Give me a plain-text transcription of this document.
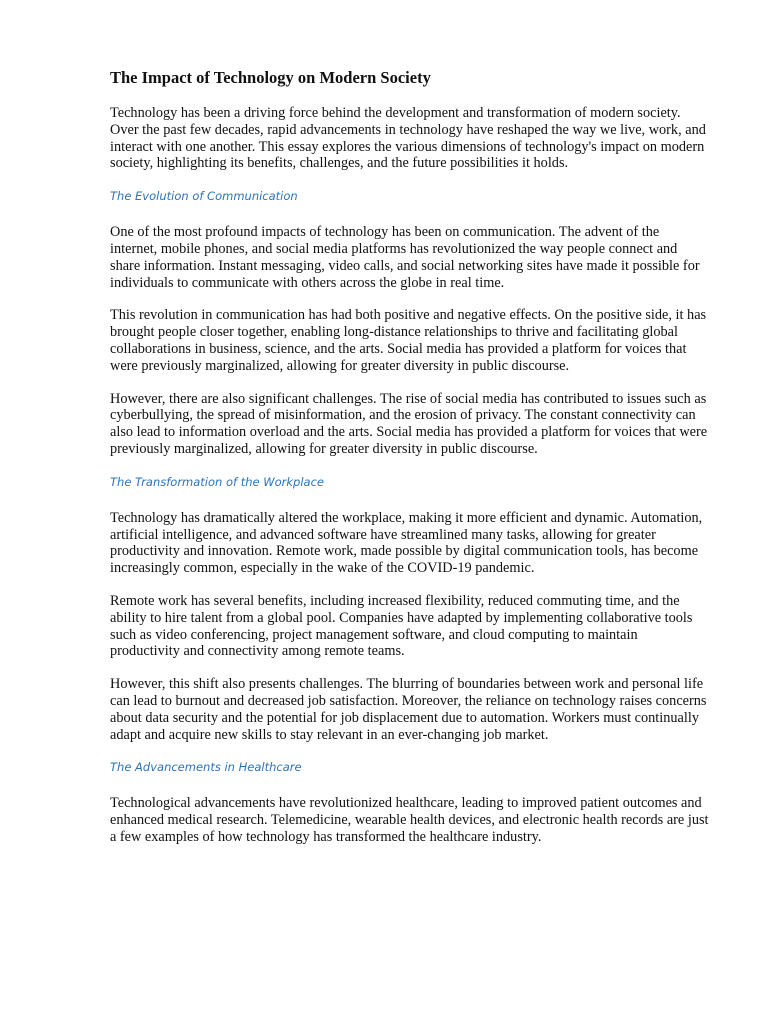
The Impact of Technology on Modern Society

Technology has been a driving force behind the development and transformation of modern society. Over the past few decades, rapid advancements in technology have reshaped the way we live, work, and interact with one another. This essay explores the various dimensions of technology's impact on modern society, highlighting its benefits, challenges, and the future possibilities it holds.

The Evolution of Communication

One of the most profound impacts of technology has been on communication. The advent of the internet, mobile phones, and social media platforms has revolutionized the way people connect and share information. Instant messaging, video calls, and social networking sites have made it possible for individuals to communicate with others across the globe in real time.

This revolution in communication has had both positive and negative effects. On the positive side, it has brought people closer together, enabling long-distance relationships to thrive and facilitating global collaborations in business, science, and the arts. Social media has provided a platform for voices that were previously marginalized, allowing for greater diversity in public discourse.

However, there are also significant challenges. The rise of social media has contributed to issues such as cyberbullying, the spread of misinformation, and the erosion of privacy. The constant connectivity can also lead to information overload and the arts. Social media has provided a platform for voices that were previously marginalized, allowing for greater diversity in public discourse.

The Transformation of the Workplace

Technology has dramatically altered the workplace, making it more efficient and dynamic. Automation, artificial intelligence, and advanced software have streamlined many tasks, allowing for greater productivity and innovation. Remote work, made possible by digital communication tools, has become increasingly common, especially in the wake of the COVID-19 pandemic.

Remote work has several benefits, including increased flexibility, reduced commuting time, and the ability to hire talent from a global pool. Companies have adapted by implementing collaborative tools such as video conferencing, project management software, and cloud computing to maintain productivity and connectivity among remote teams.

However, this shift also presents challenges. The blurring of boundaries between work and personal life can lead to burnout and decreased job satisfaction. Moreover, the reliance on technology raises concerns about data security and the potential for job displacement due to automation. Workers must continually adapt and acquire new skills to stay relevant in an ever-changing job market.

The Advancements in Healthcare

Technological advancements have revolutionized healthcare, leading to improved patient outcomes and enhanced medical research. Telemedicine, wearable health devices, and electronic health records are just a few examples of how technology has transformed the healthcare industry.
